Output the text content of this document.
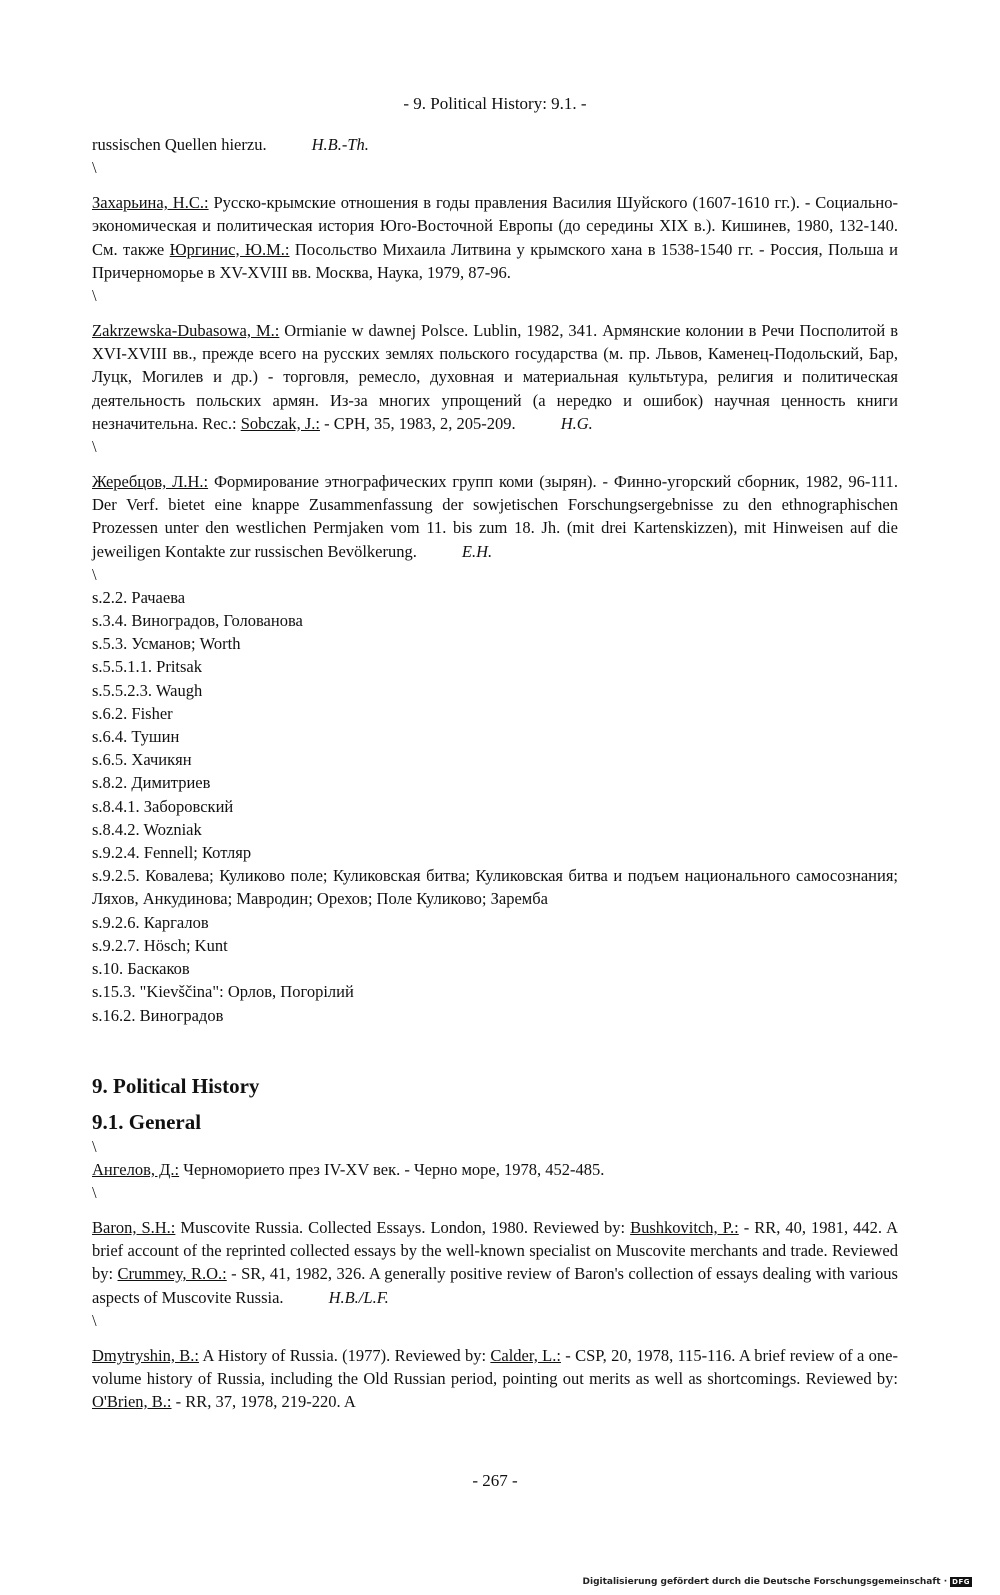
- 9. Political History: 9.1. -

russischen Quellen hierzu.	H.B.-Th.

\

Захарьина, Н.С.: Русско-крымские отношения в годы правления Василия Шуйского (1607-1610 гг.). - Социально-экономическая и политическая история Юго-Восточной Европы (до середины XIX в.). Кишинев, 1980, 132-140. См. также Юргинис, Ю.М.: Посольство Михаила Литвина у крымского хана в 1538-1540 гг. - Россия, Польша и Причерноморье в XV-XVIII вв. Москва, Наука, 1979, 87-96.

\

Zakrzewska-Dubasowa, M.: Ormianie w dawnej Polsce. Lublin, 1982, 341. Армянские колонии в Речи Посполитой в XVI-XVIII вв., прежде всего на русских землях польского государства (м. пр. Львов, Каменец-Подольский, Бар, Луцк, Могилев и др.) - торговля, ремесло, духовная и материальная культьтура, религия и политическая деятельность польских армян. Из-за многих упрощений (а нередко и ошибок) научная ценность книги незначительна. Rec.: Sobczak, J.: - CPH, 35, 1983, 2, 205-209.	H.G.

\

Жеребцов, Л.Н.: Формирование этнографических групп коми (зырян). - Финно-угорский сборник, 1982, 96-111. Der Verf. bietet eine knappe Zusammenfassung der sowjetischen Forschungsergebnisse zu den ethnographischen Prozessen unter den westlichen Permjaken vom 11. bis zum 18. Jh. (mit drei Kartenskizzen), mit Hinweisen auf die jeweiligen Kontakte zur russischen Bevölkerung.	E.H.

\

s.2.2. Рачаева

s.3.4. Виноградов, Голованова

s.5.3. Усманов; Worth

s.5.5.1.1. Pritsak

s.5.5.2.3. Waugh

s.6.2. Fisher

s.6.4. Тушин

s.6.5. Хачикян

s.8.2. Димитриев

s.8.4.1. Заборовский

s.8.4.2. Wozniak

s.9.2.4. Fennell; Котляр

s.9.2.5. Ковалева; Куликово поле; Куликовская битва; Куликовская битва и подъем национального самосознания; Ляхов, Анкудинова; Мавродин; Орехов; Поле Куликово; Заремба

s.9.2.6. Каргалов

s.9.2.7. Hösch; Kunt

s.10. Баскаков

s.15.3. "Kievščina": Орлов, Погорілий

s.16.2. Виноградов

9. Political History
9.1. General

\

Ангелов, Д.: Черноморието през IV-XV век. - Черно море, 1978, 452-485.

\

Baron, S.H.: Muscovite Russia. Collected Essays. London, 1980. Reviewed by: Bushkovitch, P.: - RR, 40, 1981, 442. A brief account of the reprinted collected essays by the well-known specialist on Muscovite merchants and trade. Reviewed by: Crummey, R.O.: - SR, 41, 1982, 326. A generally positive review of Baron's collection of essays dealing with various aspects of Muscovite Russia.	H.B./L.F.

\

Dmytryshin, B.: A History of Russia. (1977). Reviewed by: Calder, L.: - CSP, 20, 1978, 115-116. A brief review of a one-volume history of Russia, including the Old Russian period, pointing out merits as well as shortcomings. Reviewed by: O'Brien, B.: - RR, 37, 1978, 219-220. A

- 267 -
Digitalisierung gefördert durch die Deutsche Forschungsgemeinschaft · DFG
